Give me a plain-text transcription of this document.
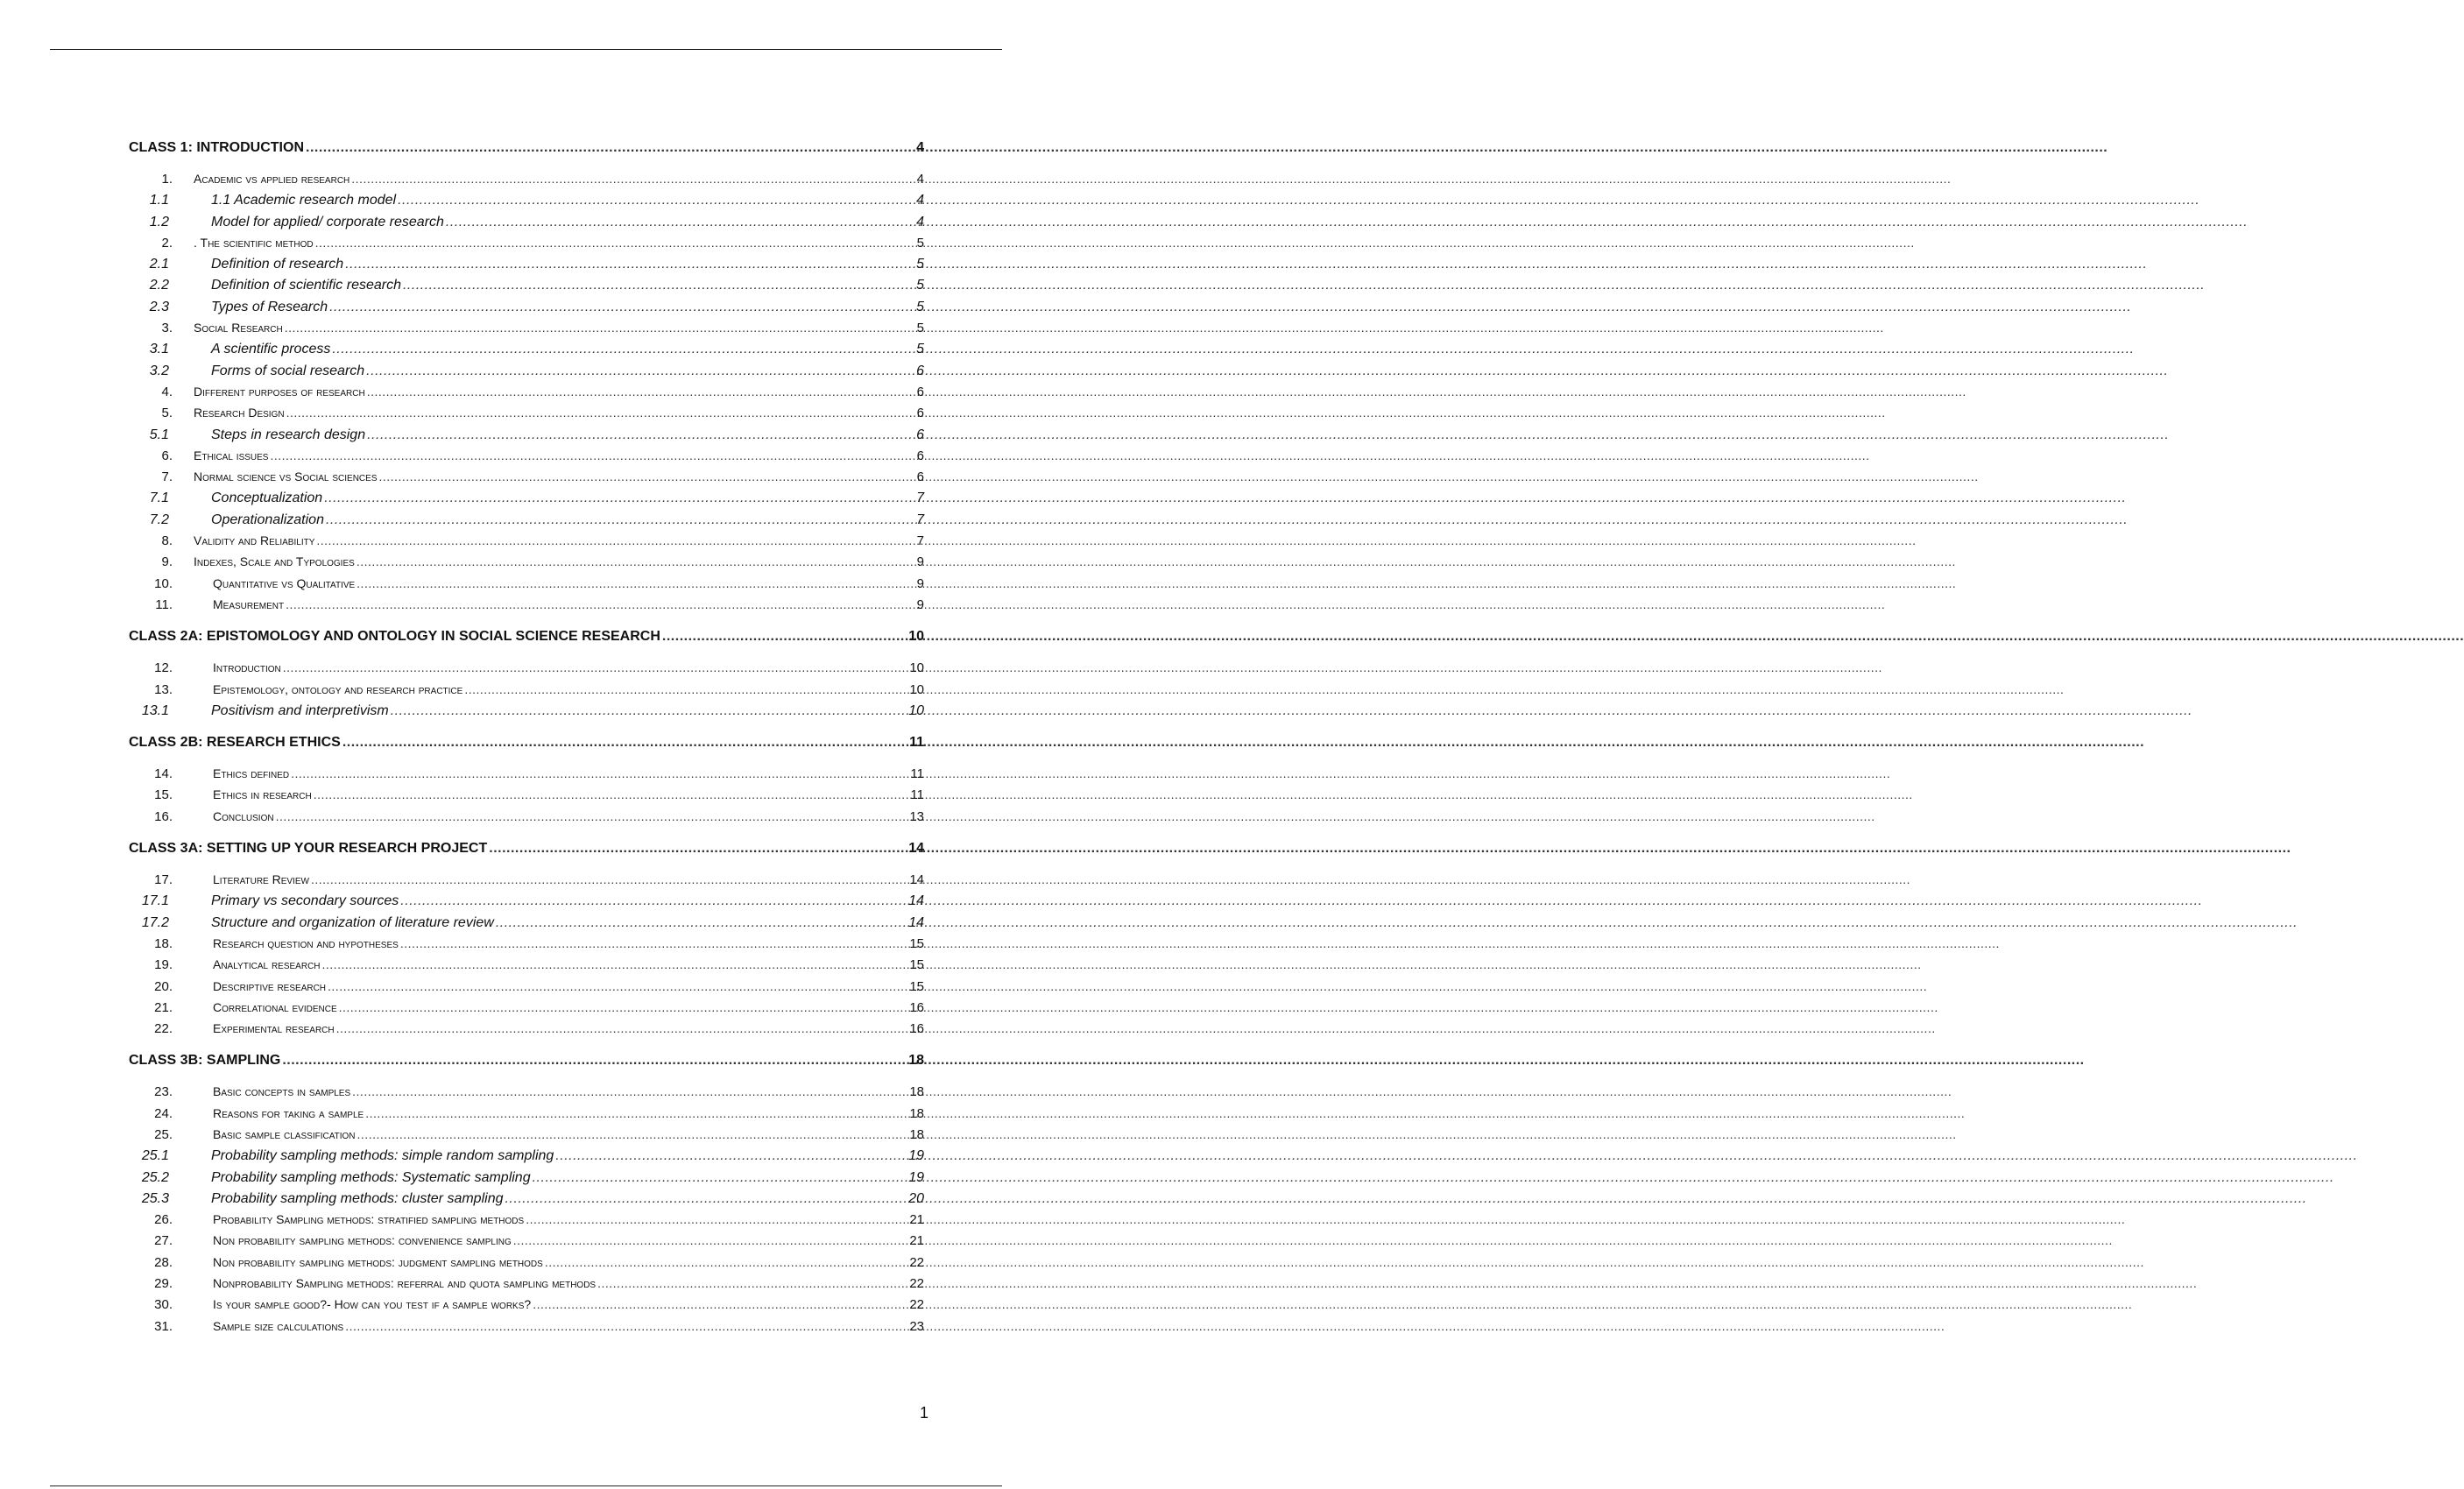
CLASS 1: INTRODUCTION .....	4
1.	Academic vs applied research .....	4
1.1	1.1 Academic research model .....	4
1.2	Model for applied/ corporate research .....	4
2.	. The scientific method .....	5
2.1	Definition of research .....	5
2.2	Definition of scientific research .....	5
2.3	Types of Research .....	5
3.	Social Research .....	5
3.1	A scientific process .....	5
3.2	Forms of social research .....	6
4.	Different purposes of research .....	6
5.	Research Design .....	6
5.1	Steps in research design .....	6
6.	Ethical issues .....	6
7.	Normal science vs Social sciences .....	6
7.1	Conceptualization .....	7
7.2	Operationalization .....	7
8.	Validity and Reliability .....	7
9.	Indexes, Scale and Typologies .....	9
10.	Quantitative vs Qualitative .....	9
11.	Measurement .....	9
CLASS 2A: EPISTOMOLOGY AND ONTOLOGY IN SOCIAL SCIENCE RESEARCH .....	10
12.	Introduction .....	10
13.	Epistemology, ontology and research practice .....	10
13.1	Positivism and interpretivism .....	10
CLASS 2B: RESEARCH ETHICS .....	11
14.	Ethics defined .....	11
15.	Ethics in research .....	11
16.	Conclusion .....	13
CLASS 3A: SETTING UP YOUR RESEARCH PROJECT .....	14
17.	Literature Review .....	14
17.1	Primary vs secondary sources .....	14
17.2	Structure and organization of literature review .....	14
18.	Research question and hypotheses .....	15
19.	Analytical research .....	15
20.	Descriptive research .....	15
21.	Correlational evidence .....	16
22.	Experimental research .....	16
CLASS 3B: SAMPLING .....	18
23.	Basic concepts in samples .....	18
24.	Reasons for taking a sample .....	18
25.	Basic sample classification .....	18
25.1	Probability sampling methods: simple random sampling .....	19
25.2	Probability sampling methods: Systematic sampling .....	19
25.3	Probability sampling methods: cluster sampling .....	20
26.	Probability Sampling methods: stratified sampling methods .....	21
27.	Non probability sampling methods: convenience sampling .....	21
28.	Non probability sampling methods: judgment sampling methods .....	22
29.	Nonprobability Sampling methods: referral and quota sampling methods .....	22
30.	Is your sample good?- How can you test if a sample works? .....	22
31.	Sample size calculations .....	23
1
